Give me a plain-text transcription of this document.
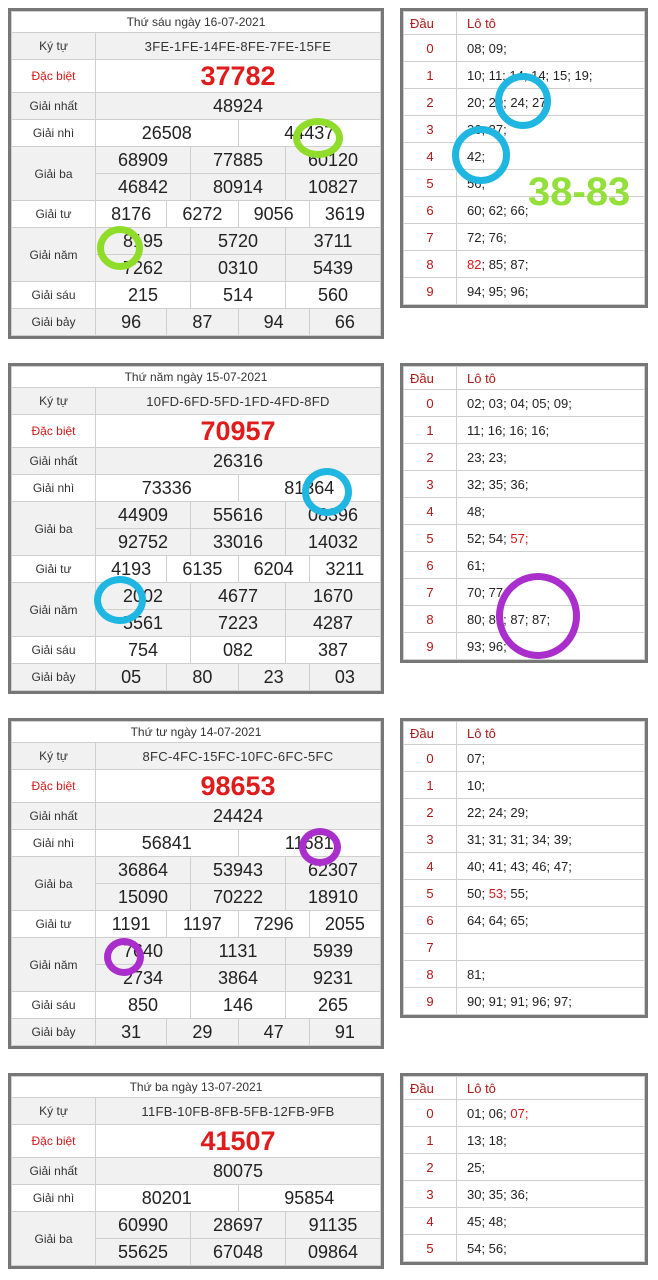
Thứ sáu ngày 16-07-2021						
Ký tự	3FE-1FE-14FE-8FE-7FE-15FE					
Đặc biệt	37782					
Giải nhất	48924					
Giải nhì	26508			44437		
Giải ba	68909		77885		60120	
	46842		80914		10827	
Giải tư	8176	6272		9056		3619
Giải năm	8195		5720		3711	
	7262		0310		5439	
Giải sáu	215		514		560	
Giải bảy	96	87		94		66
Đầu	Lô tô
0	08; 09;
1	10; 11; 14; 14; 15; 19;
2	20; 20; 24; 27;
3	36; 37;
4	42;
5	56;
6	60; 62; 66;
7	72; 76;
8	82; 85; 87;
9	94; 95; 96;
Thứ năm ngày 15-07-2021						
Ký tự	10FD-6FD-5FD-1FD-4FD-8FD					
Đặc biệt	70957					
Giải nhất	26316					
Giải nhì	73336			81364		
Giải ba	44909		55616		08396	
	92752		33016		14032	
Giải tư	4193	6135		6204		3211
Giải năm	2002		4677		1670	
	5561		7223		4287	
Giải sáu	754		082		387	
Giải bảy	05	80		23		03
Đầu	Lô tô
0	02; 03; 04; 05; 09;
1	11; 16; 16; 16;
2	23; 23;
3	32; 35; 36;
4	48;
5	52; 54; 57;
6	61;
7	70; 77;
8	80; 82; 87; 87;
9	93; 96;
Thứ tư ngày 14-07-2021						
Ký tự	8FC-4FC-15FC-10FC-6FC-5FC					
Đặc biệt	98653					
Giải nhất	24424					
Giải nhì	56841			11681		
Giải ba	36864		53943		62307	
	15090		70222		18910	
Giải tư	1191	1197		7296		2055
Giải năm	7640		1131		5939	
	2734		3864		9231	
Giải sáu	850		146		265	
Giải bảy	31	29		47		91
Đầu	Lô tô
0	07;
1	10;
2	22; 24; 29;
3	31; 31; 31; 34; 39;
4	40; 41; 43; 46; 47;
5	50; 53; 55;
6	64; 64; 65;
7	
8	81;
9	90; 91; 91; 96; 97;
Thứ ba ngày 13-07-2021				
Ký tự	11FB-10FB-8FB-5FB-12FB-9FB			
Đặc biệt	41507			
Giải nhất	80075			
Giải nhì	80201		95854	
Giải ba	60990	28697		91135
	55625	67048		09864
Đầu	Lô tô
0	01; 06; 07;
1	13; 18;
2	25;
3	30; 35; 36;
4	45; 48;
5	54; 56;
38-83
